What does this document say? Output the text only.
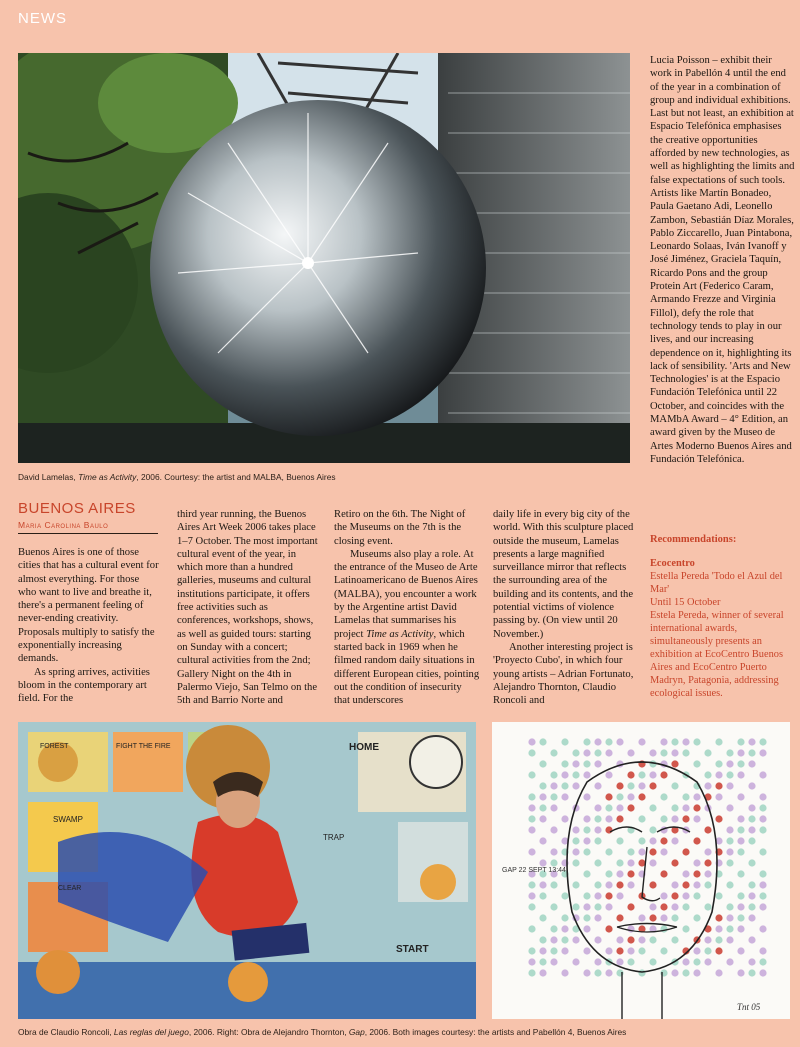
NEWS
David Lamelas, Time as Activity, 2006. Courtesy: the artist and MALBA, Buenos Aires

Lucia Poisson – exhibit their work in Pabellón 4 until the end of the year in a combination of group and individual exhibitions. Last but not least, an exhibition at Espacio Telefónica emphasises the creative opportunities afforded by new technologies, as well as highlighting the limits and false expectations of such tools. Artists like Martín Bonadeo, Paula Gaetano Adi, Leonello Zambon, Sebastián Díaz Morales, Pablo Ziccarello, Juan Pintabona, Leonardo Solaas, Iván Ivanoff y José Jiménez, Graciela Taquín, Ricardo Pons and the group Protein Art (Federico Caram, Armando Frezze and Virginia Fillol), defy the role that technology tends to play in our lives, and our increasing dependence on it, highlighting its lack of sensibility. 'Arts and New Technologies' is at the Espacio Fundación Telefónica until 22 October, and coincides with the MAMbA Award – 4° Edition, an award given by the Museo de Artes Moderno Buenos Aires and Fundación Telefónica.

BUENOS AIRES
Maria Carolina Baulo

Buenos Aires is one of those cities that has a cultural event for almost everything. For those who want to live and breathe it, there's a permanent feeling of never-ending creativity. Proposals multiply to satisfy the exponentially increasing demands.

As spring arrives, activities bloom in the contemporary art field. For the

third year running, the Buenos Aires Art Week 2006 takes place 1–7 October. The most important cultural event of the year, in which more than a hundred galleries, museums and cultural institutions participate, it offers free activities such as conferences, workshops, shows, as well as guided tours: starting on Sunday with a concert; cultural activities from the 2nd; Gallery Night on the 4th in Palermo Viejo, San Telmo on the 5th and Barrio Norte and

Retiro on the 6th. The Night of the Museums on the 7th is the closing event.

Museums also play a role. At the entrance of the Museo de Arte Latinoamericano de Buenos Aires (MALBA), you encounter a work by the Argentine artist David Lamelas that summarises his project Time as Activity, which started back in 1969 when he filmed random daily situations in different European cities, pointing out the condition of insecurity that underscores

daily life in every big city of the world. With this sculpture placed outside the museum, Lamelas presents a large magnified surveillance mirror that reflects the surrounding area of the building and its contents, and the potential victims of violence passing by. (On view until 20 November.)

Another interesting project is 'Proyecto Cubo', in which four young artists – Adrian Fortunato, Alejandro Thornton, Claudio Roncoli and

Recommendations:
Ecocentro
Estella Pereda 'Todo el Azul del Mar'
Until 15 October
Estela Pereda, winner of several international awards, simultaneously presents an exhibition at EcoCentro Buenos Aires and EcoCentro Puerto Madryn, Patagonia, addressing ecological issues.
HOME
SWAMP
TRAP
START
CLEAR
FOREST	FIGHT THE FIRE
GAP 22 SEPT 13:44
Tnt 05
Obra de Claudio Roncoli, Las reglas del juego, 2006. Right: Obra de Alejandro Thornton, Gap, 2006. Both images courtesy: the artists and Pabellón 4, Buenos Aires
